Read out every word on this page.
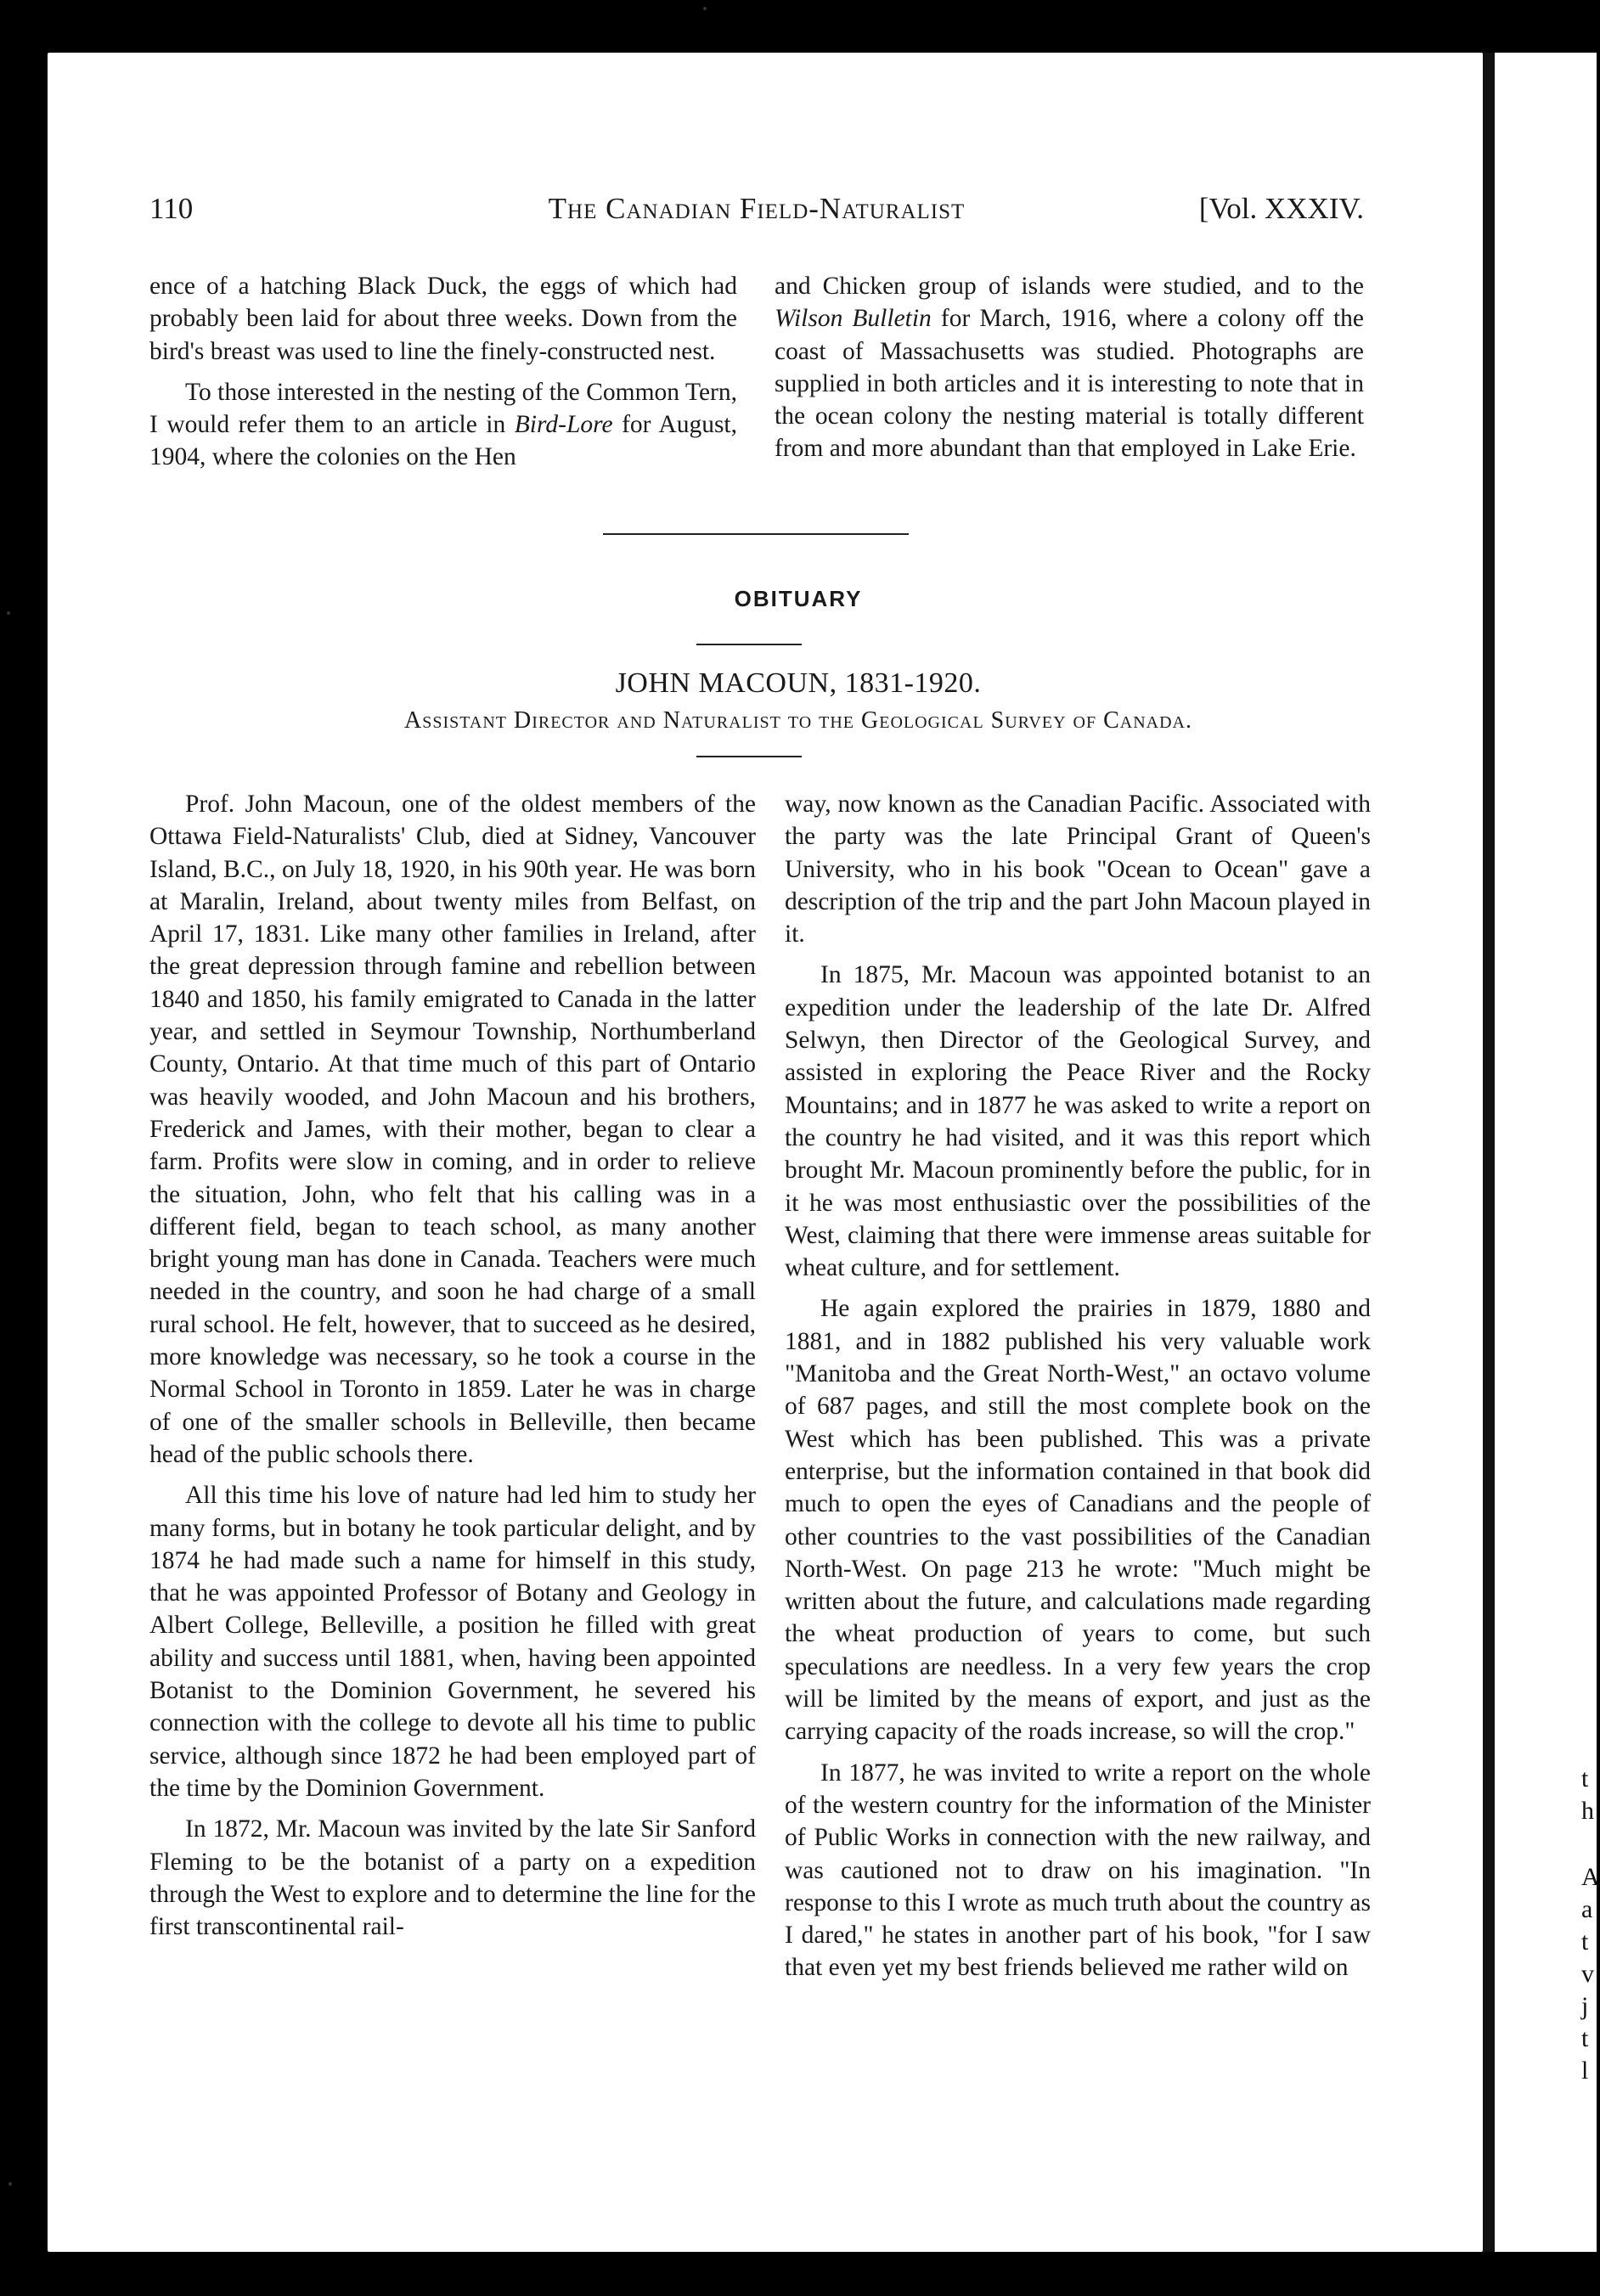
t
h
A
a
t
v
j
t
l
110	The Canadian Field-Naturalist	[Vol. XXXIV.

ence of a hatching Black Duck, the eggs of which had probably been laid for about three weeks. Down from the bird's breast was used to line the finely-constructed nest.

To those interested in the nesting of the Common Tern, I would refer them to an article in Bird-Lore for August, 1904, where the colonies on the Hen

and Chicken group of islands were studied, and to the Wilson Bulletin for March, 1916, where a colony off the coast of Massachusetts was studied. Photographs are supplied in both articles and it is interesting to note that in the ocean colony the nesting material is totally different from and more abundant than that employed in Lake Erie.

OBITUARY
JOHN MACOUN, 1831-1920.
Assistant Director and Naturalist to the Geological Survey of Canada.

Prof. John Macoun, one of the oldest members of the Ottawa Field-Naturalists' Club, died at Sidney, Vancouver Island, B.C., on July 18, 1920, in his 90th year. He was born at Maralin, Ireland, about twenty miles from Belfast, on April 17, 1831. Like many other families in Ireland, after the great depression through famine and rebellion between 1840 and 1850, his family emigrated to Canada in the latter year, and settled in Seymour Township, Northumberland County, Ontario. At that time much of this part of Ontario was heavily wooded, and John Macoun and his brothers, Frederick and James, with their mother, began to clear a farm. Profits were slow in coming, and in order to relieve the situation, John, who felt that his calling was in a different field, began to teach school, as many another bright young man has done in Canada. Teachers were much needed in the country, and soon he had charge of a small rural school. He felt, however, that to succeed as he desired, more knowledge was necessary, so he took a course in the Normal School in Toronto in 1859. Later he was in charge of one of the smaller schools in Belleville, then became head of the public schools there.

All this time his love of nature had led him to study her many forms, but in botany he took particular delight, and by 1874 he had made such a name for himself in this study, that he was appointed Professor of Botany and Geology in Albert College, Belleville, a position he filled with great ability and success until 1881, when, having been appointed Botanist to the Dominion Government, he severed his connection with the college to devote all his time to public service, although since 1872 he had been employed part of the time by the Dominion Government.

In 1872, Mr. Macoun was invited by the late Sir Sanford Fleming to be the botanist of a party on a expedition through the West to explore and to determine the line for the first transcontinental rail-

way, now known as the Canadian Pacific. Associated with the party was the late Principal Grant of Queen's University, who in his book "Ocean to Ocean" gave a description of the trip and the part John Macoun played in it.

In 1875, Mr. Macoun was appointed botanist to an expedition under the leadership of the late Dr. Alfred Selwyn, then Director of the Geological Survey, and assisted in exploring the Peace River and the Rocky Mountains; and in 1877 he was asked to write a report on the country he had visited, and it was this report which brought Mr. Macoun prominently before the public, for in it he was most enthusiastic over the possibilities of the West, claiming that there were immense areas suitable for wheat culture, and for settlement.

He again explored the prairies in 1879, 1880 and 1881, and in 1882 published his very valuable work "Manitoba and the Great North-West," an octavo volume of 687 pages, and still the most complete book on the West which has been published. This was a private enterprise, but the information contained in that book did much to open the eyes of Canadians and the people of other countries to the vast possibilities of the Canadian North-West. On page 213 he wrote: "Much might be written about the future, and calculations made regarding the wheat production of years to come, but such speculations are needless. In a very few years the crop will be limited by the means of export, and just as the carrying capacity of the roads increase, so will the crop."

In 1877, he was invited to write a report on the whole of the western country for the information of the Minister of Public Works in connection with the new railway, and was cautioned not to draw on his imagination. "In response to this I wrote as much truth about the country as I dared," he states in another part of his book, "for I saw that even yet my best friends believed me rather wild on
